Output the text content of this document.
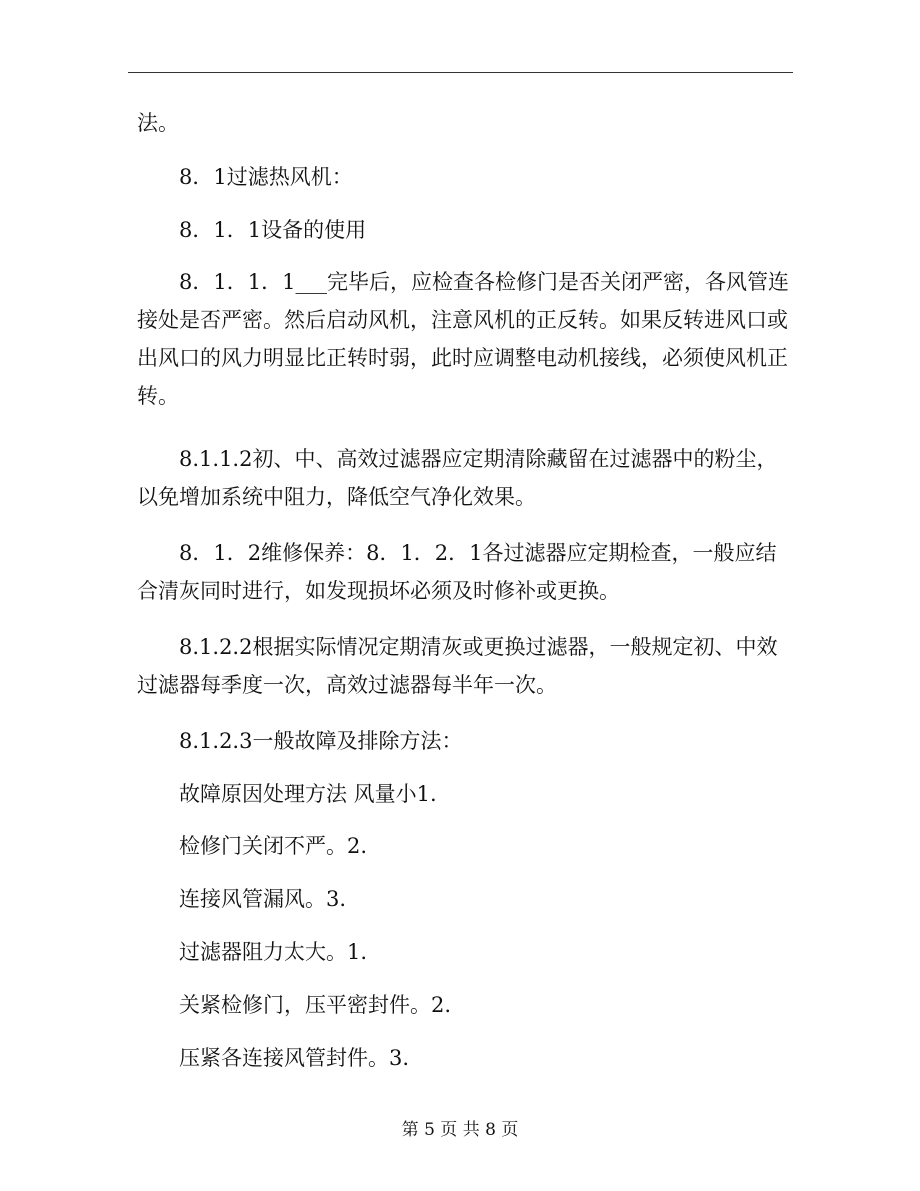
法。

8．1过滤热风机：

8．1．1设备的使用

8．1．1．1___完毕后，应检查各检修门是否关闭严密，各风管连接处是否严密。然后启动风机，注意风机的正反转。如果反转进风口或出风口的风力明显比正转时弱，此时应调整电动机接线，必须使风机正转。

8.1.1.2初、中、高效过滤器应定期清除藏留在过滤器中的粉尘，以免增加系统中阻力，降低空气净化效果。

8．1．2维修保养：8．1．2．1各过滤器应定期检查，一般应结合清灰同时进行，如发现损坏必须及时修补或更换。

8.1.2.2根据实际情况定期清灰或更换过滤器，一般规定初、中效过滤器每季度一次，高效过滤器每半年一次。

8.1.2.3一般故障及排除方法：

故障原因处理方法 风量小1.

检修门关闭不严。2.

连接风管漏风。3.

过滤器阻力太大。1.

关紧检修门，压平密封件。2.

压紧各连接风管封件。3.

第 5 页 共 8 页
